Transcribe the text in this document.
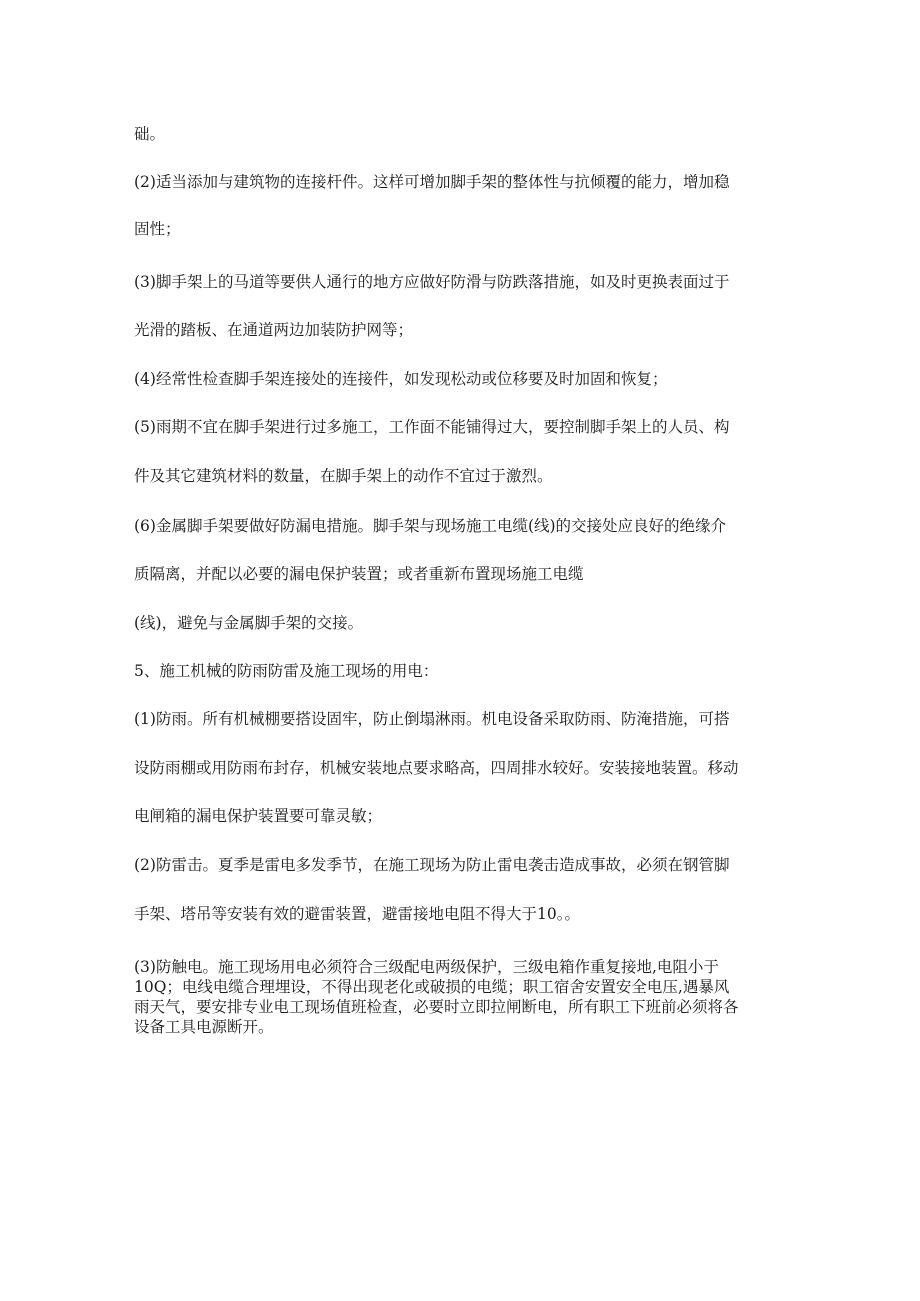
础。

(2)适当添加与建筑物的连接杆件。这样可增加脚手架的整体性与抗倾覆的能力，增加稳

固性；

(3)脚手架上的马道等要供人通行的地方应做好防滑与防跌落措施，如及时更换表面过于

光滑的踏板、在通道两边加装防护网等；

(4)经常性检查脚手架连接处的连接件，如发现松动或位移要及时加固和恢复；

(5)雨期不宜在脚手架进行过多施工，工作面不能铺得过大，要控制脚手架上的人员、构

件及其它建筑材料的数量，在脚手架上的动作不宜过于激烈。

(6)金属脚手架要做好防漏电措施。脚手架与现场施工电缆(线)的交接处应良好的绝缘介

质隔离，并配以必要的漏电保护装置；或者重新布置现场施工电缆

(线)，避免与金属脚手架的交接。

5、施工机械的防雨防雷及施工现场的用电：

(1)防雨。所有机械棚要搭设固牢，防止倒塌淋雨。机电设备采取防雨、防淹措施，可搭

设防雨棚或用防雨布封存，机械安装地点要求略高，四周排水较好。安装接地装置。移动

电闸箱的漏电保护装置要可靠灵敏；

(2)防雷击。夏季是雷电多发季节，在施工现场为防止雷电袭击造成事故，必须在钢管脚

手架、塔吊等安装有效的避雷装置，避雷接地电阻不得大于10。。

(3)防触电。施工现场用电必须符合三级配电两级保护，三级电箱作重复接地,电阻小于
10Q；电线电缆合理埋设，不得出现老化或破损的电缆；职工宿舍安置安全电压,遇暴风
雨天气，要安排专业电工现场值班检查，必要时立即拉闸断电，所有职工下班前必须将各
设备工具电源断开。
